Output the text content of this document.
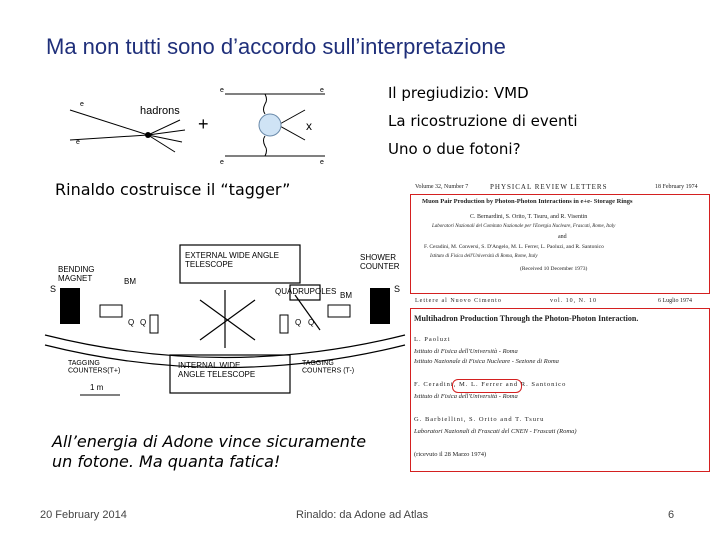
Ma non tutti sono d’accordo sull’interpretazione
hadrons
+	x
e
e
e	e
e	e
Il pregiudizio: VMD
La ricostruzione di eventi
Uno o due fotoni?
Rinaldo costruisce il “tagger”
EXTERNAL WIDE ANGLE TELESCOPE
QUADRUPOLES
SHOWER COUNTER
BENDING MAGNET	BM
BM
S	S
INTERNAL WIDE ANGLE TELESCOPE
TAGGING COUNTERS(T+)
TAGGING COUNTERS (T-)
1 m
Q Q	Q Q
All’energia di Adone vince sicuramente
un fotone. Ma quanta fatica!
Volume 32, Number 7	PHYSICAL REVIEW LETTERS	18 February 1974
Muon Pair Production by Photon-Photon Interactions in e+e- Storage Rings
C. Bernardini, S. Orito, T. Tsuru, and R. Visentin
Laboratori Nazionali del Comitato Nazionale per l'Energia Nucleare, Frascati, Rome, Italy
and
F. Ceradini, M. Conversi, S. D'Angelo, M. L. Ferrer, L. Paoluzi, and R. Santonico
Istituto di Fisica dell'Università di Roma, Rome, Italy
(Received 10 December 1973)
Lettere al Nuovo Cimento	vol. 10, N. 10	6 Luglio 1974
Multihadron Production Through the Photon-Photon Interaction.
L. Paoluzi
Istituto di Fisica dell'Università - Roma
Istituto Nazionale di Fisica Nucleare - Sezione di Roma
F. Ceradini, M. L. Ferrer and R. Santonico
Istituto di Fisica dell'Università - Roma
G. Barbiellini, S. Orito and T. Tsuru
Laboratori Nazionali di Frascati del CNEN - Frascati (Roma)
(ricevuto il 28 Marzo 1974)
20 February 2014	Rinaldo: da Adone ad Atlas	6
